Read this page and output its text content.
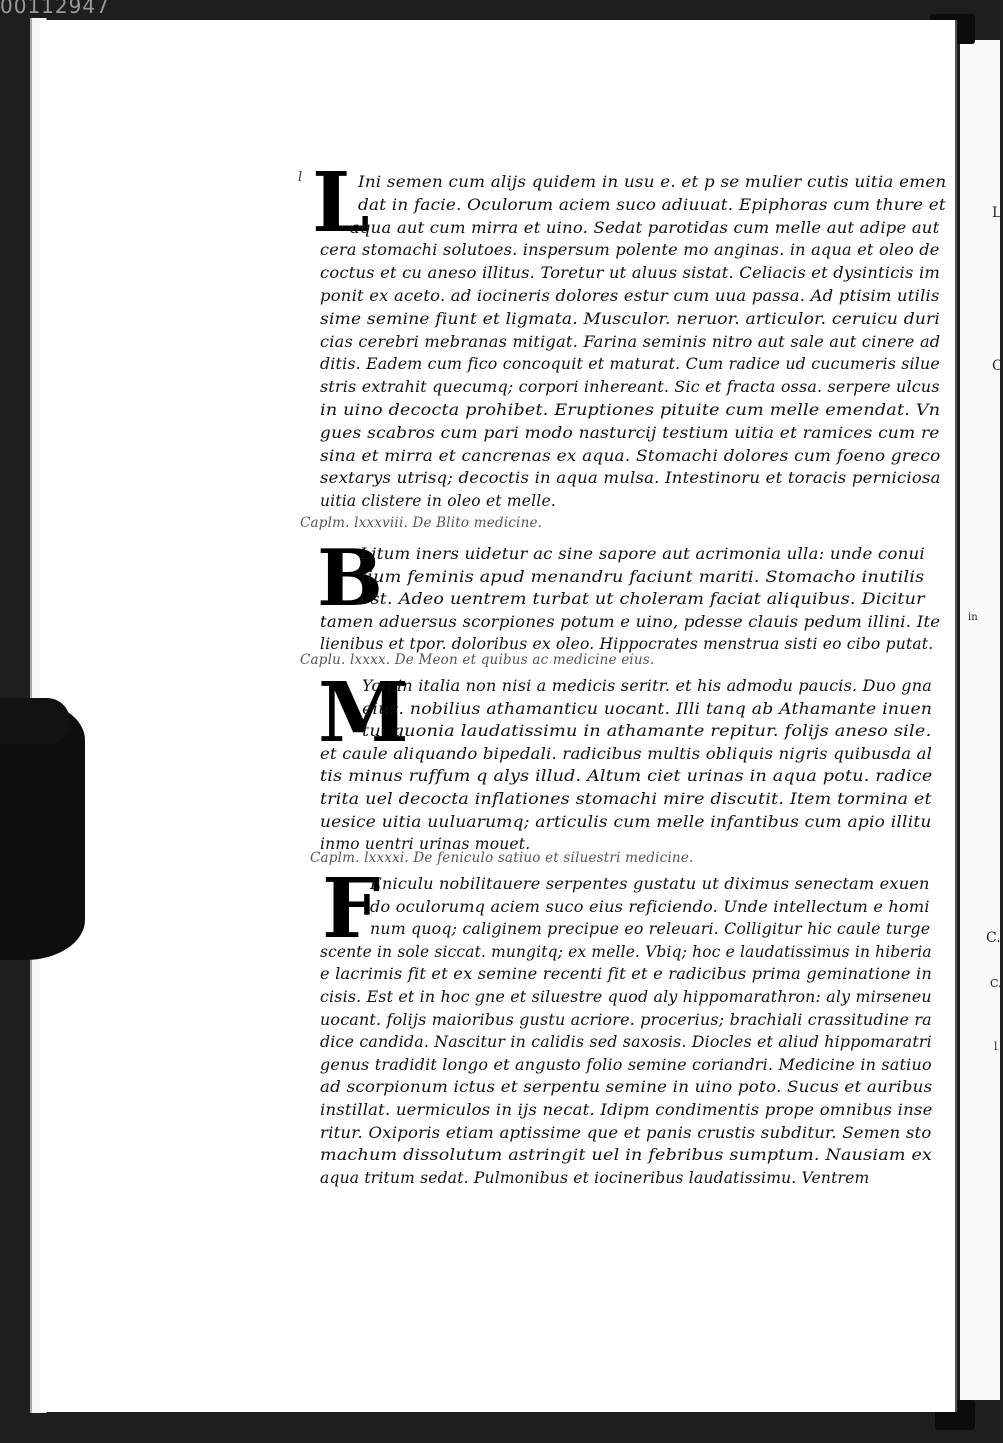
00112947
L
C
in
C.
C.
l
l L
B
M
F
Caplm. lxxxviii. De Blito medicine.
Caplu. lxxxx. De Meon et quibus ac medicine eius.
Caplm. lxxxxi. De feniculo satiuo et siluestri medicine.
Ini semen cum alijs quidem in usu e. et p se mulier cutis uitia emen
dat in facie. Oculorum aciem suco adiuuat. Epiphoras cum thure et
aqua aut cum mirra et uino. Sedat parotidas cum melle aut adipe aut
cera stomachi solutoes. inspersum polente mo anginas. in aqua et oleo de
coctus et cu aneso illitus. Toretur ut aluus sistat. Celiacis et dysinticis im
ponit ex aceto. ad iocineris dolores estur cum uua passa. Ad ptisim utilis
sime semine fiunt et ligmata. Musculor. neruor. articulor. ceruicu duri
cias cerebri mebranas mitigat. Farina seminis nitro aut sale aut cinere ad
ditis. Eadem cum fico concoquit et maturat. Cum radice ud cucumeris silue
stris extrahit quecumq; corpori inhereant. Sic et fracta ossa. serpere ulcus
in uino decocta prohibet. Eruptiones pituite cum melle emendat. Vn
gues scabros cum pari modo nasturcij testium uitia et ramices cum re
sina et mirra et cancrenas ex aqua. Stomachi dolores cum foeno greco
sextarys utrisq; decoctis in aqua mulsa. Intestinoru et toracis perniciosa
uitia clistere in oleo et melle.
Litum iners uidetur ac sine sapore aut acrimonia ulla: unde conui
tium feminis apud menandru faciunt mariti. Stomacho inutilis
est. Adeo uentrem turbat ut choleram faciat aliquibus. Dicitur
tamen aduersus scorpiones potum e uino, pdesse clauis pedum illini. Ite
lienibus et tpor. doloribus ex oleo. Hippocrates menstrua sisti eo cibo putat.
Yon in italia non nisi a medicis seritr. et his admodu paucis. Duo gna
eius. nobilius athamanticu uocant. Illi tanq ab Athamante inuen
tu. quonia laudatissimu in athamante repitur. folijs aneso sile.
et caule aliquando bipedali. radicibus multis obliquis nigris quibusda al
tis minus ruffum q alys illud. Altum ciet urinas in aqua potu. radice
trita uel decocta inflationes stomachi mire discutit. Item tormina et
uesice uitia uuluarumq; articulis cum melle infantibus cum apio illitu
inmo uentri urinas mouet.
Eniculu nobilitauere serpentes gustatu ut diximus senectam exuen
do oculorumq aciem suco eius reficiendo. Unde intellectum e homi
num quoq; caliginem precipue eo releuari. Colligitur hic caule turge
scente in sole siccat. mungitq; ex melle. Vbiq; hoc e laudatissimus in hiberia
e lacrimis fit et ex semine recenti fit et e radicibus prima geminatione in
cisis. Est et in hoc gne et siluestre quod aly hippomarathron: aly mirseneu
uocant. folijs maioribus gustu acriore. procerius; brachiali crassitudine ra
dice candida. Nascitur in calidis sed saxosis. Diocles et aliud hippomaratri
genus tradidit longo et angusto folio semine coriandri. Medicine in satiuo
ad scorpionum ictus et serpentu semine in uino poto. Sucus et auribus
instillat. uermiculos in ijs necat. Idipm condimentis prope omnibus inse
ritur. Oxiporis etiam aptissime que et panis crustis subditur. Semen sto
machum dissolutum astringit uel in febribus sumptum. Nausiam ex
aqua tritum sedat. Pulmonibus et iocineribus laudatissimu. Ventrem
